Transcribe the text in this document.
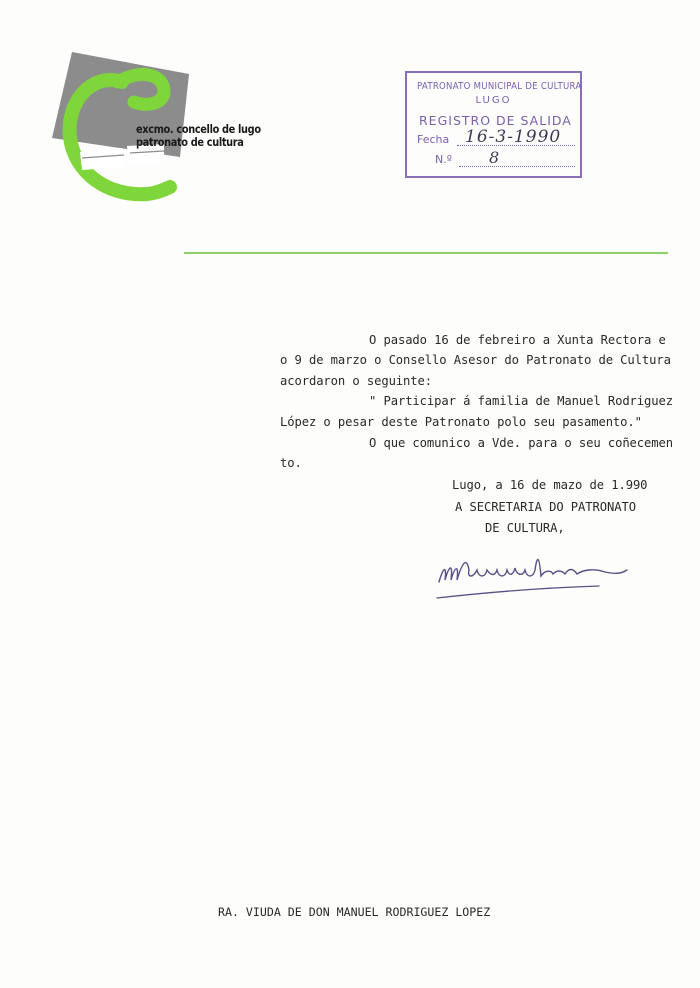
excmo. concello de lugo
patronato de cultura
PATRONATO MUNICIPAL DE CULTURA
LUGO
REGISTRO DE SALIDA
Fecha 16-3-1990
N.º 8
O pasado 16 de febreiro a Xunta Rectora e
o 9 de marzo o Consello Asesor do Patronato de Cultura
acordaron o seguinte:
" Participar á familia de Manuel Rodriguez
López o pesar deste Patronato polo seu pasamento."
O que comunico a Vde. para o seu coñecemen
to.
Lugo, a 16 de mazo de 1.990
A SECRETARIA DO PATRONATO
DE CULTURA,
RA. VIUDA DE DON MANUEL RODRIGUEZ LOPEZ
